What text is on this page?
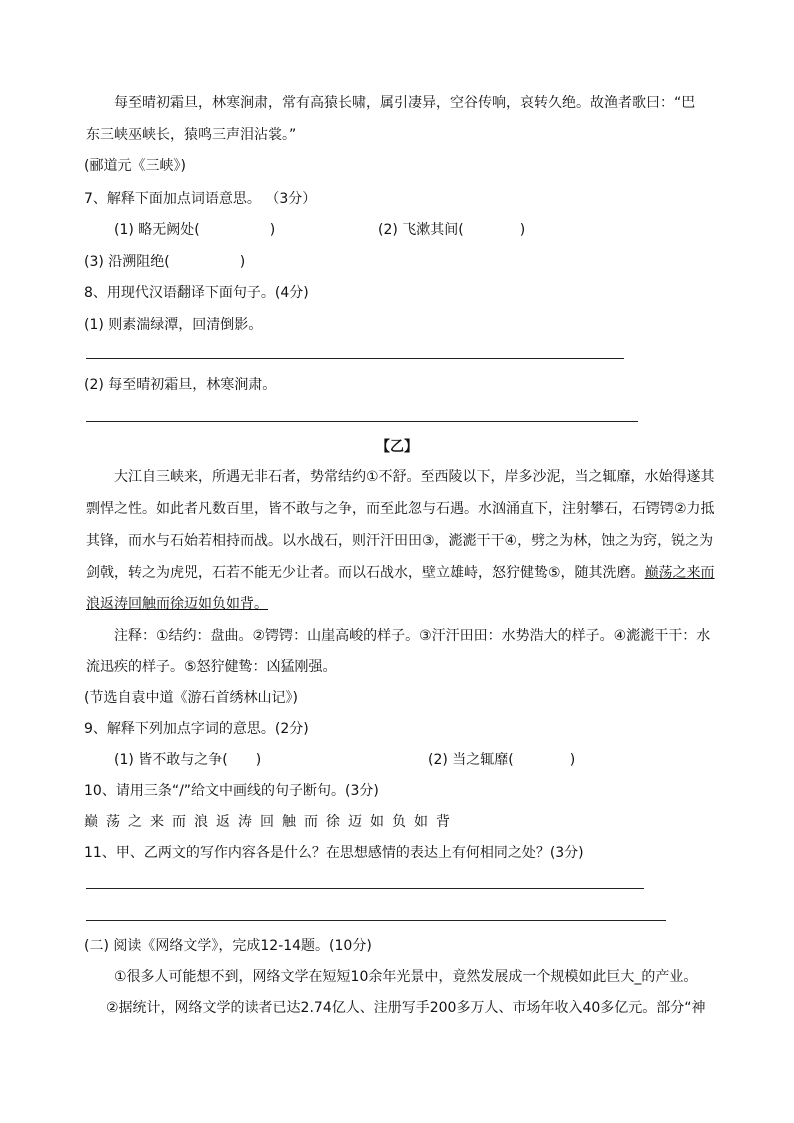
每至晴初霜旦，林寒涧肃，常有高猿长啸，属引凄异，空谷传响，哀转久绝。故渔者歌曰：“巴
东三峡巫峡长，猿鸣三声泪沾裳。”
(郦道元《三峡》)
7、解释下面加点词语意思。 （3分）
(1) 略无阙处(　　　　　)	(2) 飞漱其间(　　　　)
(3) 沿溯阻绝(　　　　　)
8、用现代汉语翻译下面句子。(4分)
(1) 则素湍绿潭，回清倒影。
(2) 每至晴初霜旦，林寒涧肃。
【乙】
大江自三峡来，所遇无非石者，势常结约①不舒。至西陵以下，岸多沙泥，当之辄靡，水始得遂其
剽悍之性。如此者凡数百里，皆不敢与之争，而至此忽与石遇。水汹涌直下，注射攀石，石锷锷②力抵
其锋，而水与石始若相持而战。以水战石，则汗汗田田③，滮滮干干④，劈之为林，蚀之为窍，锐之为
剑戟，转之为虎兕，石若不能无少让者。而以石战水，壁立雄峙，怒狞健鸷⑤，随其洗磨。巅荡之来而
浪返涛回触而徐迈如负如背。
注释：①结约：盘曲。②锷锷：山崖高峻的样子。③汗汗田田：水势浩大的样子。④滮滮干干：水
流迅疾的样子。⑤怒狞健鸷：凶猛刚强。
(节选自袁中道《游石首绣林山记》)
9、解释下列加点字词的意思。(2分)
(1) 皆不敢与之争(　　)	(2) 当之辄靡(　　　　)
10、请用三条“/”给文中画线的句子断句。(3分)
巅荡之来而浪返涛回触而徐迈如负如背
11、甲、乙两文的写作内容各是什么？在思想感情的表达上有何相同之处？(3分)
(二) 阅读《网络文学》，完成12-14题。(10分)
①很多人可能想不到，网络文学在短短10余年光景中，竟然发展成一个规模如此巨大_的产业。
②据统计，网络文学的读者已达2.74亿人、注册写手200多万人、市场年收入40多亿元。部分“神
